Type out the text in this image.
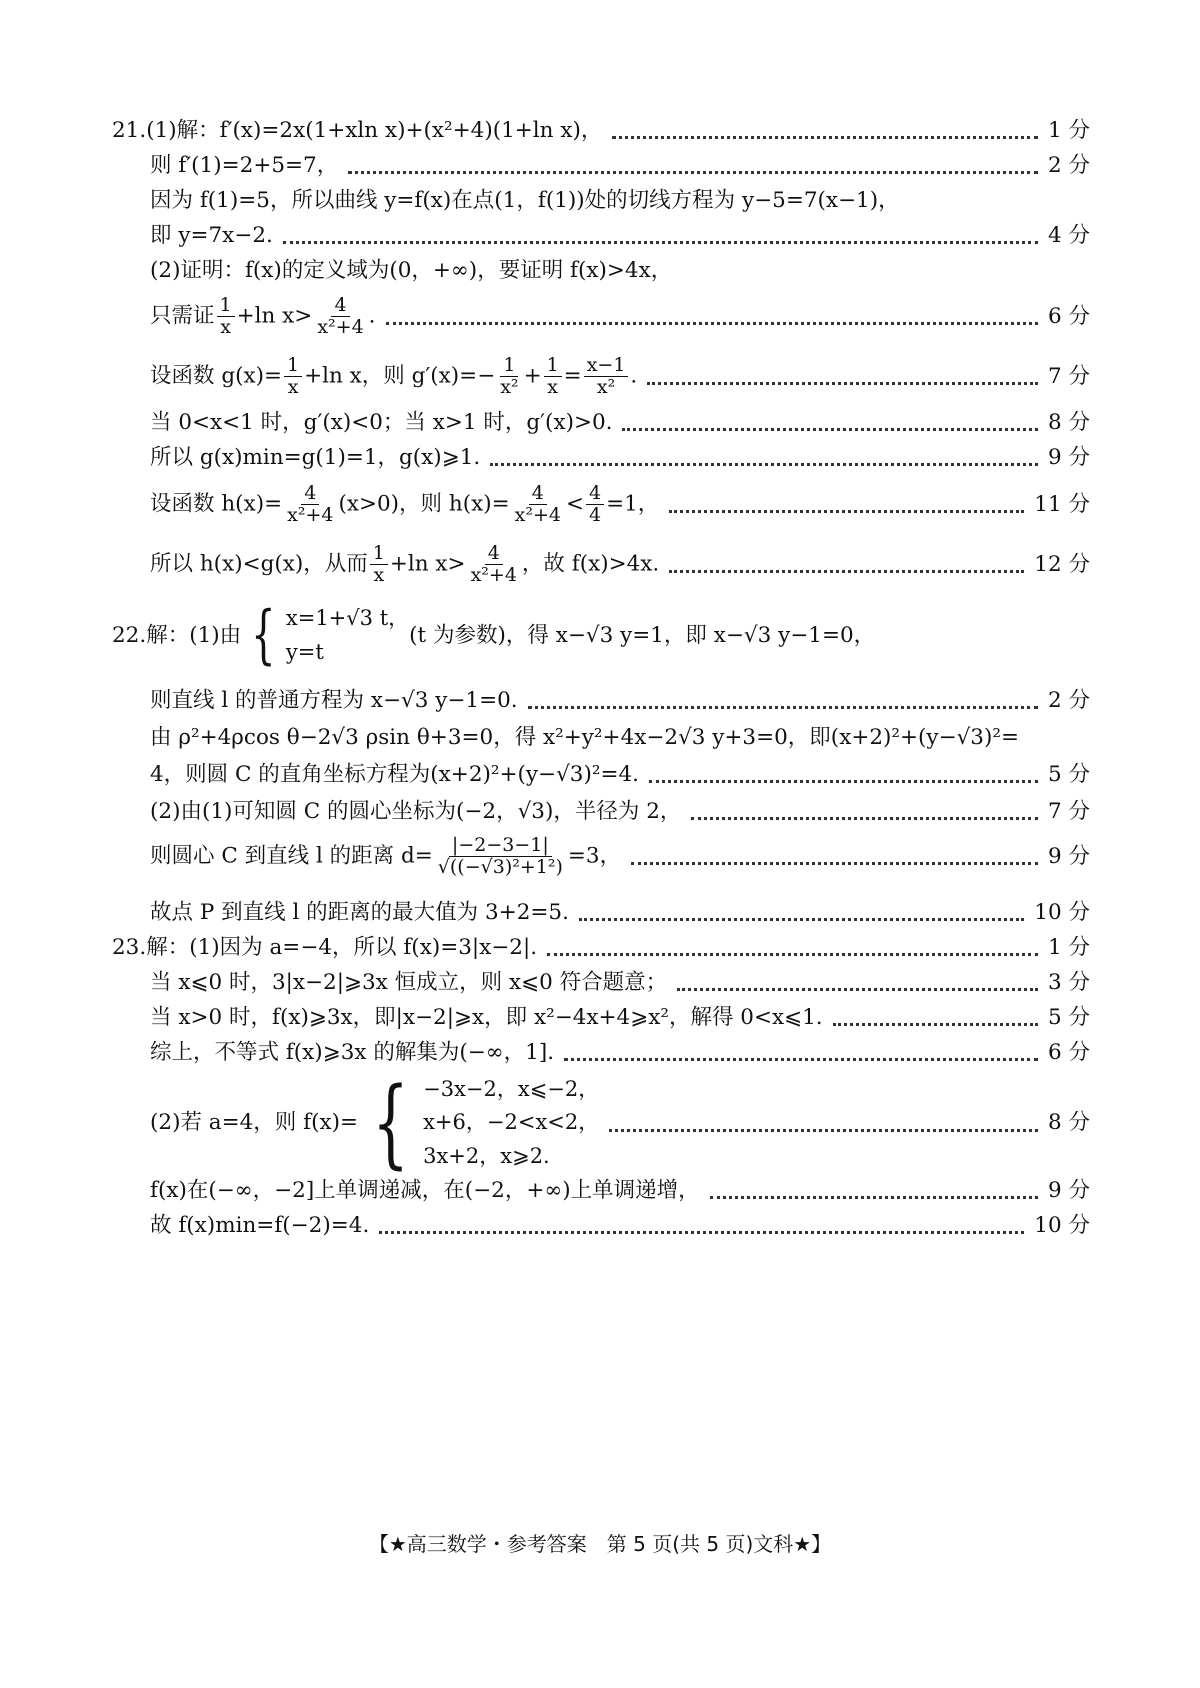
21.(1)解：f′(x)=2x(1+xln x)+(x²+4)(1+ln x)，	1 分
则 f′(1)=2+5=7，	2 分
因为 f(1)=5，所以曲线 y=f(x)在点(1，f(1))处的切线方程为 y−5=7(x−1)，
即 y=7x−2.	4 分
(2)证明：f(x)的定义域为(0，+∞)，要证明 f(x)>4x，
只需证 $\frac{1}{x} +\ln$ $x> \frac{4}{\text{x²+4}}$ .	6 分
设函数 $g(x)= \frac{1}{x} +\ln$ x，则 $g'(x)=- \frac{1}{\text{x²}} + \frac{1}{x} = \frac{x-1}{\text{x²}}$ .	7 分
当 0<x<1 时，g′(x)<0；当 x>1 时，g′(x)>0.	8 分
所以 g(x)min=g(1)=1，g(x)⩾1.	9 分
设函数 $h(x)= \frac{4}{\text{x²+4}} (x>0)$，则 $h(x)= \frac{4}{\text{x²+4}} < \frac{4}{4} =1$，	11 分
所以 h(x)<g(x)，从而 $\frac{1}{x} +\ln$ $x> \frac{4}{\text{x²+4}}$ ，故 f(x)>4x.	12 分
22.解：(1)由 { x=1+√3 t，
y=t
(t 为参数)，得 x−√3 y=1，即 x−√3 y−1=0，
则直线 l 的普通方程为 x−√3 y−1=0.	2 分
由 ρ²+4ρcos θ−2√3 ρsin θ+3=0，得 x²+y²+4x−2√3 y+3=0，即(x+2)²+(y−√3)²=
4，则圆 C 的直角坐标方程为(x+2)²+(y−√3)²=4.	5 分
(2)由(1)可知圆 C 的圆心坐标为(−2，√3)，半径为 2，	7 分
则圆心 C 到直线 l 的距离 $d= \frac{|-2-3-1|}{\text{√((−√3)²+1²)}} =3$，	9 分
故点 P 到直线 l 的距离的最大值为 3+2=5.	10 分
23.解：(1)因为 a=−4，所以 f(x)=3|x−2|.	1 分
当 x⩽0 时，3|x−2|⩾3x 恒成立，则 x⩽0 符合题意；	3 分
当 x>0 时，f(x)⩾3x，即|x−2|⩾x，即 x²−4x+4⩾x²，解得 0<x⩽1.	5 分
综上，不等式 f(x)⩾3x 的解集为(−∞，1].	6 分
(2)若 a=4，则 f(x)= { −3x−2，x⩽−2，
x+6，−2<x<2，
3x+2，x⩾2.
8 分
f(x)在(−∞，−2]上单调递减，在(−2，+∞)上单调递增，	9 分
故 f(x)min=f(−2)=4.	10 分
【★高三数学・参考答案　第 5 页(共 5 页)文科★】
